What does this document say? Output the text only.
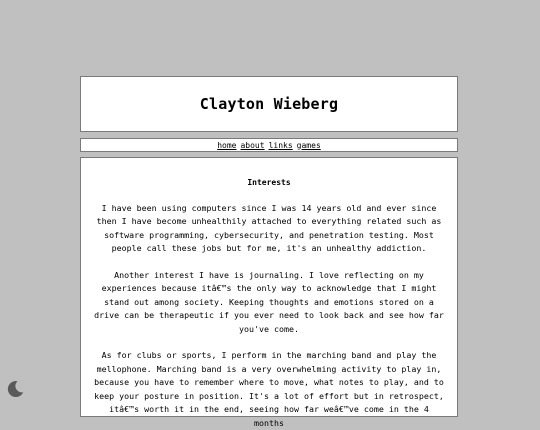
Clayton Wieberg
home about links games
Interests

I have been using computers since I was 14 years old and ever since then I have become unhealthily attached to everything related such as software programming, cybersecurity, and penetration testing. Most people call these jobs but for me, it's an unhealthy addiction.

Another interest I have is journaling. I love reflecting on my experiences because itâ€™s the only way to acknowledge that I might stand out among society. Keeping thoughts and emotions stored on a drive can be therapeutic if you ever need to look back and see how far you've come.

As for clubs or sports, I perform in the marching band and play the mellophone. Marching band is a very overwhelming activity to play in, because you have to remember where to move, what notes to play, and to keep your posture in position. It's a lot of effort but in retrospect, itâ€™s worth it in the end, seeing how far weâ€™ve come in the 4 months
